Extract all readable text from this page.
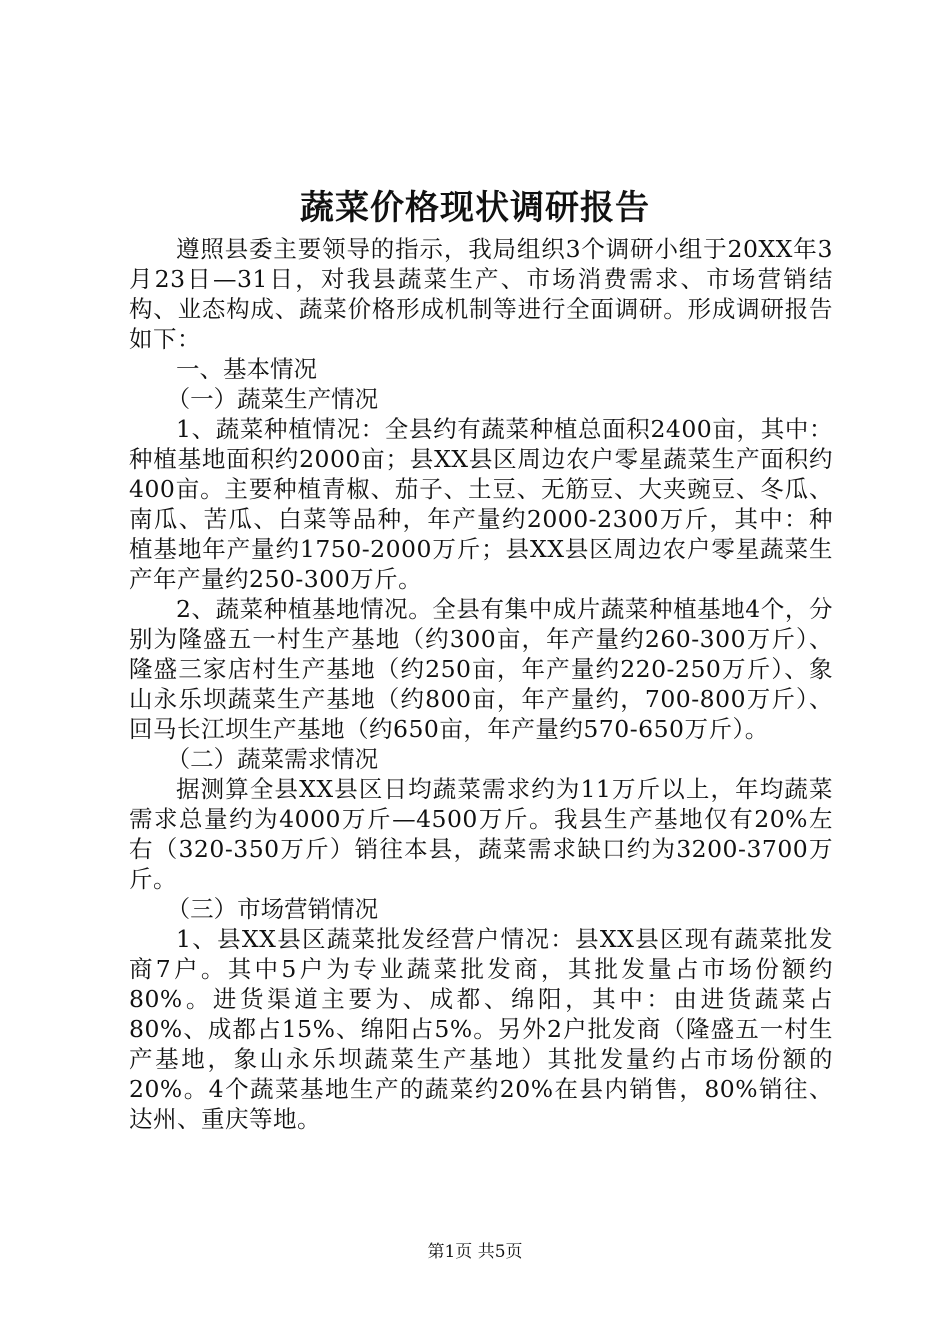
蔬菜价格现状调研报告

遵照县委主要领导的指示，我局组织3个调研小组于20XX年3月23日—31日，对我县蔬菜生产、市场消费需求、市场营销结构、业态构成、蔬菜价格形成机制等进行全面调研。形成调研报告如下：

一、基本情况

（一）蔬菜生产情况

1、蔬菜种植情况：全县约有蔬菜种植总面积2400亩，其中：种植基地面积约2000亩；县XX县区周边农户零星蔬菜生产面积约400亩。主要种植青椒、茄子、土豆、无筋豆、大夹豌豆、冬瓜、南瓜、苦瓜、白菜等品种，年产量约2000-2300万斤，其中：种植基地年产量约1750-2000万斤；县XX县区周边农户零星蔬菜生产年产量约250-300万斤。

2、蔬菜种植基地情况。全县有集中成片蔬菜种植基地4个，分别为隆盛五一村生产基地（约300亩，年产量约260-300万斤）、隆盛三家店村生产基地（约250亩，年产量约220-250万斤）、象山永乐坝蔬菜生产基地（约800亩，年产量约，700-800万斤）、回马长江坝生产基地（约650亩，年产量约570-650万斤）。

（二）蔬菜需求情况

据测算全县XX县区日均蔬菜需求约为11万斤以上，年均蔬菜需求总量约为4000万斤—4500万斤。我县生产基地仅有20%左右（320-350万斤）销往本县，蔬菜需求缺口约为3200-3700万斤。

（三）市场营销情况

1、县XX县区蔬菜批发经营户情况：县XX县区现有蔬菜批发商7户。其中5户为专业蔬菜批发商，其批发量占市场份额约80%。进货渠道主要为、成都、绵阳，其中：由进货蔬菜占80%、成都占15%、绵阳占5%。另外2户批发商（隆盛五一村生产基地，象山永乐坝蔬菜生产基地）其批发量约占市场份额的20%。4个蔬菜基地生产的蔬菜约20%在县内销售，80%销往、达州、重庆等地。

第1页 共5页
